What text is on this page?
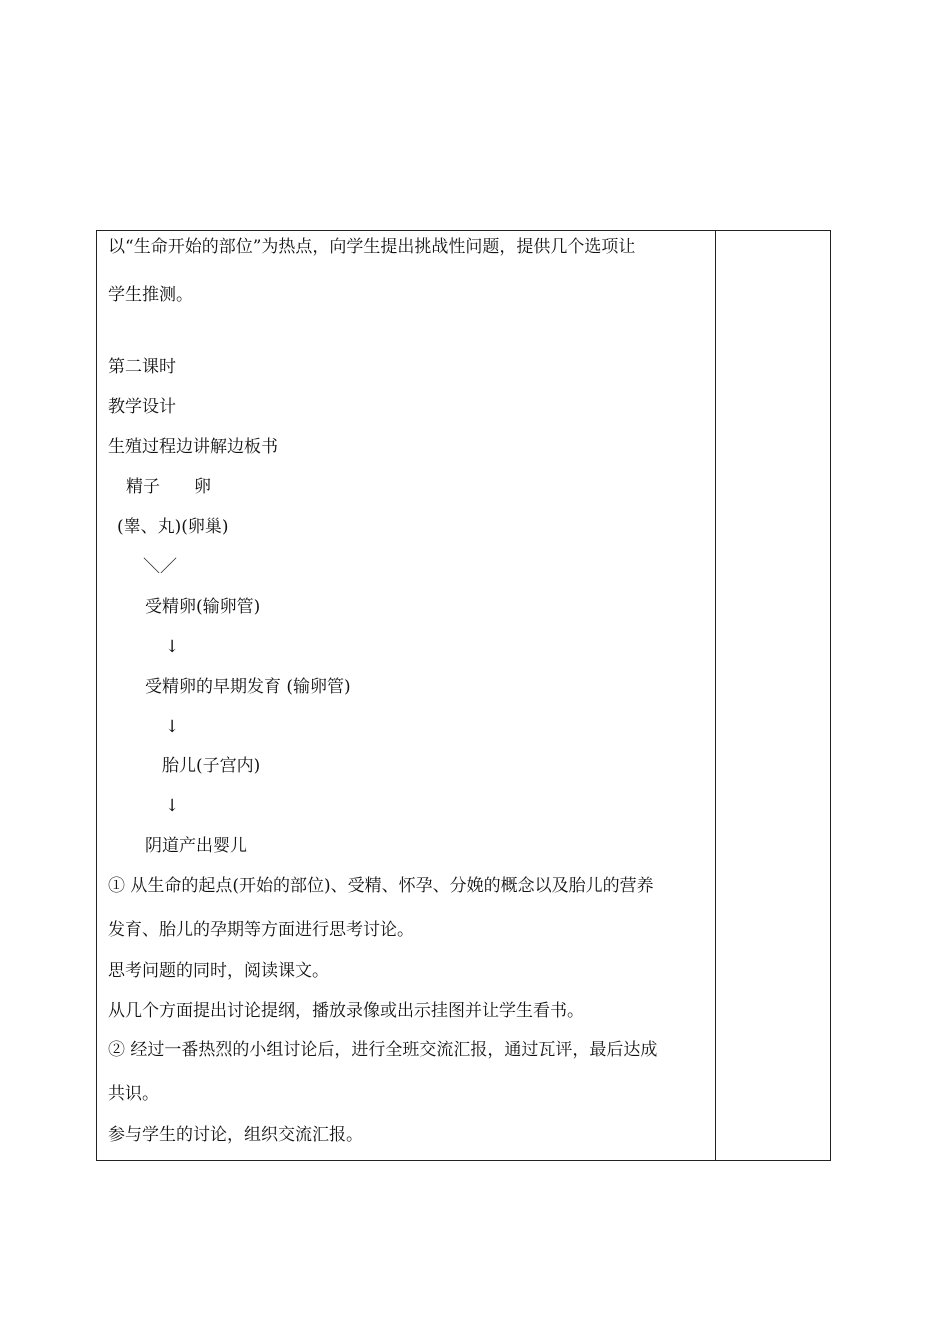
以“生命开始的部位”为热点，向学生提出挑战性问题，提供几个选项让
学生推测。
第二课时
教学设计
生殖过程边讲解边板书
精子　　卵
(睾、丸)(卵巢)
＼／
受精卵(输卵管)
↓
受精卵的早期发育 (输卵管)
↓
胎儿(子宫内)
↓
阴道产出婴儿
① 从生命的起点(开始的部位)、受精、怀孕、分娩的概念以及胎儿的营养
发育、胎儿的孕期等方面进行思考讨论。
思考问题的同时，阅读课文。
从几个方面提出讨论提纲，播放录像或出示挂图并让学生看书。
② 经过一番热烈的小组讨论后，进行全班交流汇报，通过瓦评，最后达成
共识。
参与学生的讨论，组织交流汇报。
